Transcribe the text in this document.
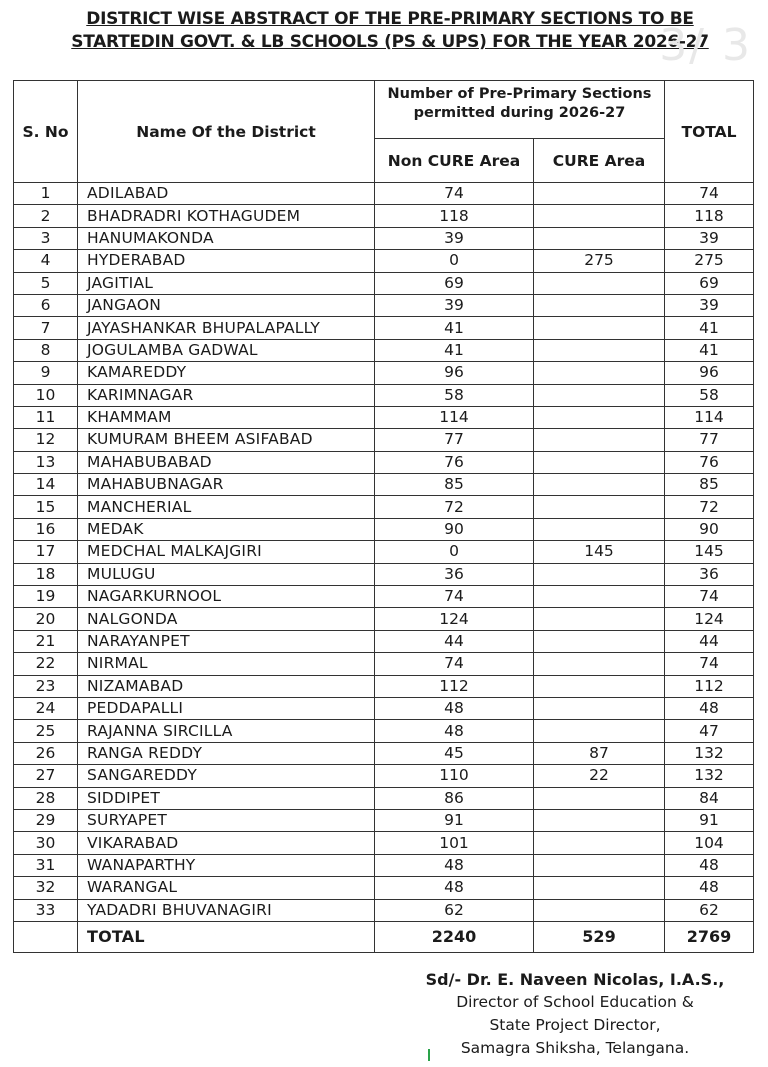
DISTRICT WISE ABSTRACT OF THE PRE-PRIMARY SECTIONS TO BE
STARTEDIN GOVT. & LB SCHOOLS (PS & UPS) FOR THE YEAR 2026-27
3/ 3
S. No	Name Of the District	Number of Pre-Primary Sections permitted during 2026-27		TOTAL
		Non CURE Area	CURE Area	
1	ADILABAD	74		74
2	BHADRADRI KOTHAGUDEM	118		118
3	HANUMAKONDA	39		39
4	HYDERABAD	0	275	275
5	JAGITIAL	69		69
6	JANGAON	39		39
7	JAYASHANKAR BHUPALAPALLY	41		41
8	JOGULAMBA GADWAL	41		41
9	KAMAREDDY	96		96
10	KARIMNAGAR	58		58
11	KHAMMAM	114		114
12	KUMURAM BHEEM ASIFABAD	77		77
13	MAHABUBABAD	76		76
14	MAHABUBNAGAR	85		85
15	MANCHERIAL	72		72
16	MEDAK	90		90
17	MEDCHAL MALKAJGIRI	0	145	145
18	MULUGU	36		36
19	NAGARKURNOOL	74		74
20	NALGONDA	124		124
21	NARAYANPET	44		44
22	NIRMAL	74		74
23	NIZAMABAD	112		112
24	PEDDAPALLI	48		48
25	RAJANNA SIRCILLA	48		47
26	RANGA REDDY	45	87	132
27	SANGAREDDY	110	22	132
28	SIDDIPET	86		84
29	SURYAPET	91		91
30	VIKARABAD	101		104
31	WANAPARTHY	48		48
32	WARANGAL	48		48
33	YADADRI BHUVANAGIRI	62		62
	TOTAL	2240	529	2769
Sd/- Dr. E. Naveen Nicolas, I.A.S.,
Director of School Education &
State Project Director,
Samagra Shiksha, Telangana.
